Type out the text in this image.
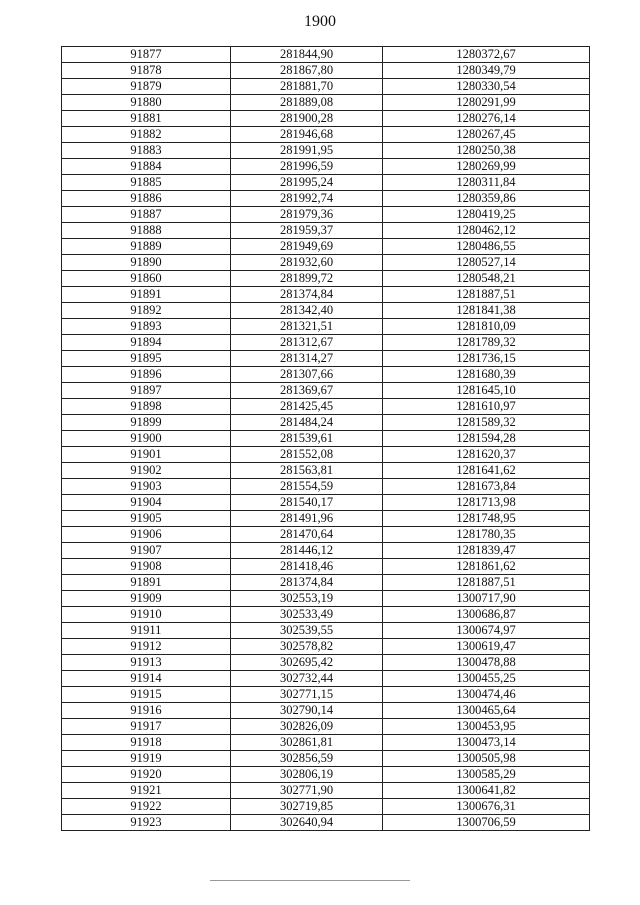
1900
91877	281844,90	1280372,67
91878	281867,80	1280349,79
91879	281881,70	1280330,54
91880	281889,08	1280291,99
91881	281900,28	1280276,14
91882	281946,68	1280267,45
91883	281991,95	1280250,38
91884	281996,59	1280269,99
91885	281995,24	1280311,84
91886	281992,74	1280359,86
91887	281979,36	1280419,25
91888	281959,37	1280462,12
91889	281949,69	1280486,55
91890	281932,60	1280527,14
91860	281899,72	1280548,21
91891	281374,84	1281887,51
91892	281342,40	1281841,38
91893	281321,51	1281810,09
91894	281312,67	1281789,32
91895	281314,27	1281736,15
91896	281307,66	1281680,39
91897	281369,67	1281645,10
91898	281425,45	1281610,97
91899	281484,24	1281589,32
91900	281539,61	1281594,28
91901	281552,08	1281620,37
91902	281563,81	1281641,62
91903	281554,59	1281673,84
91904	281540,17	1281713,98
91905	281491,96	1281748,95
91906	281470,64	1281780,35
91907	281446,12	1281839,47
91908	281418,46	1281861,62
91891	281374,84	1281887,51
91909	302553,19	1300717,90
91910	302533,49	1300686,87
91911	302539,55	1300674,97
91912	302578,82	1300619,47
91913	302695,42	1300478,88
91914	302732,44	1300455,25
91915	302771,15	1300474,46
91916	302790,14	1300465,64
91917	302826,09	1300453,95
91918	302861,81	1300473,14
91919	302856,59	1300505,98
91920	302806,19	1300585,29
91921	302771,90	1300641,82
91922	302719,85	1300676,31
91923	302640,94	1300706,59
